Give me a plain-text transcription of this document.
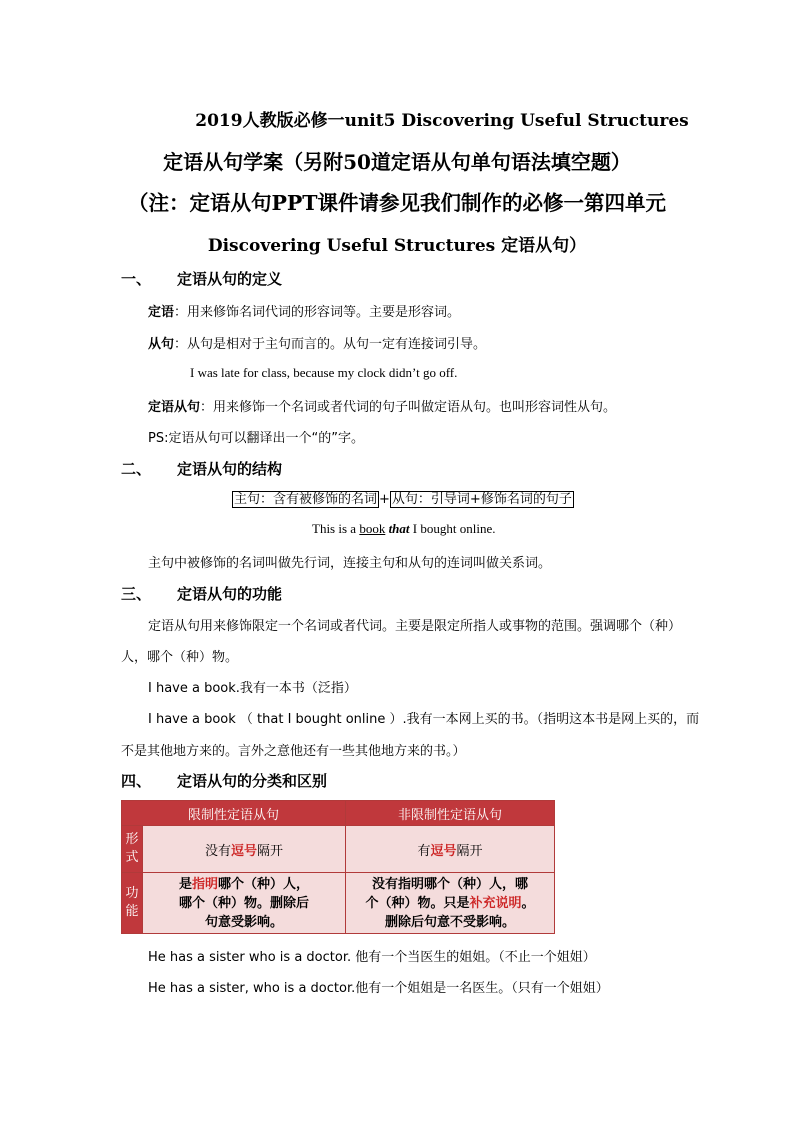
2019人教版必修一unit5 Discovering Useful Structures
定语从句学案（另附50道定语从句单句语法填空题）
（注：定语从句PPT课件请参见我们制作的必修一第四单元
Discovering Useful Structures 定语从句）
一、 定语从句的定义
定语：用来修饰名词代词的形容词等。主要是形容词。
从句：从句是相对于主句而言的。从句一定有连接词引导。
I was late for class, because my clock didn’t go off.
定语从句：用来修饰一个名词或者代词的句子叫做定语从句。也叫形容词性从句。
PS:定语从句可以翻译出一个“的”字。
二、 定语从句的结构
主句：含有被修饰的名词 + 从句：引导词+修饰名词的句子
This is a book that I bought online.
主句中被修饰的名词叫做先行词，连接主句和从句的连词叫做关系词。
三、 定语从句的功能
定语从句用来修饰限定一个名词或者代词。主要是限定所指人或事物的范围。强调哪个（种）
人，哪个（种）物。
I have a book.我有一本书（泛指）
I have a book （ that I bought online ）.我有一本网上买的书。（指明这本书是网上买的，而
不是其他地方来的。言外之意他还有一些其他地方来的书。）
四、 定语从句的分类和区别
限制性定语从句		非限制性定语从句
形式	没有逗号隔开	有逗号隔开
功能	是指明哪个（种）人，
哪个（种）物。删除后
句意受影响。	没有指明哪个（种）人，哪
个（种）物。只是补充说明。
删除后句意不受影响。
He has a sister who is a doctor. 他有一个当医生的姐姐。（不止一个姐姐）
He has a sister, who is a doctor.他有一个姐姐是一名医生。（只有一个姐姐）
